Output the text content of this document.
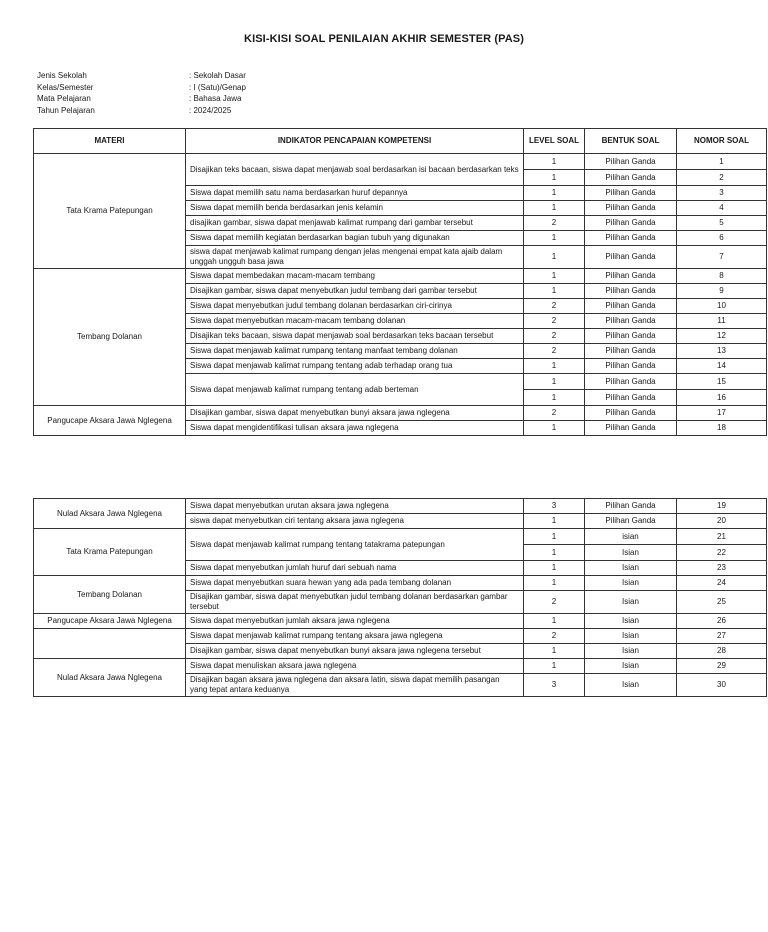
KISI-KISI SOAL PENILAIAN AKHIR SEMESTER (PAS)
Jenis Sekolah	: Sekolah Dasar
Kelas/Semester	: I (Satu)/Genap
Mata Pelajaran	: Bahasa Jawa
Tahun Pelajaran	: 2024/2025
MATERI	INDIKATOR PENCAPAIAN KOMPETENSI	LEVEL SOAL	BENTUK SOAL	NOMOR SOAL
Tata Krama Patepungan	Disajikan teks bacaan, siswa dapat menjawab soal berdasarkan isi bacaan berdasarkan teks	1	Pilihan Ganda	1
		1	Pilihan Ganda	2
	Siswa dapat memilih satu nama berdasarkan huruf depannya	1	Pilihan Ganda	3
	Siswa dapat memilih benda berdasarkan jenis kelamin	1	Pilihan Ganda	4
	disajikan gambar, siswa dapat menjawab kalimat rumpang dari gambar tersebut	2	Pilihan Ganda	5
	Siswa dapat memilih kegiatan berdasarkan bagian tubuh yang digunakan	1	Pilihan Ganda	6
	siswa dapat menjawab kalimat rumpang dengan jelas mengenai empat kata ajaib dalam unggah ungguh basa jawa	1	Pilihan Ganda	7
Tembang Dolanan	Siswa dapat membedakan macam-macam tembang	1	Pilihan Ganda	8
	Disajikan gambar, siswa dapat menyebutkan judul tembang dari gambar tersebut	1	Pilihan Ganda	9
	Siswa dapat menyebutkan judul tembang dolanan berdasarkan ciri-cirinya	2	Pilihan Ganda	10
	Siswa dapat menyebutkan macam-macam tembang dolanan	2	Pilihan Ganda	11
	Disajikan teks bacaan, siswa dapat menjawab soal berdasarkan teks bacaan tersebut	2	Pilihan Ganda	12
	Siswa dapat menjawab kalimat rumpang tentang manfaat tembang dolanan	2	Pilihan Ganda	13
	Siswa dapat menjawab kalimat rumpang tentang adab terhadap orang tua	1	Pilihan Ganda	14
	Siswa dapat menjawab kalimat rumpang tentang adab berteman	1	Pilihan Ganda	15
		1	Pilihan Ganda	16
Pangucape Aksara Jawa Nglegena	Disajikan gambar, siswa dapat menyebutkan bunyi aksara jawa nglegena	2	Pilihan Ganda	17
	Siswa dapat mengidentifikasi tulisan aksara jawa nglegena	1	Pilihan Ganda	18
Nulad Aksara Jawa Nglegena	Siswa dapat menyebutkan urutan aksara jawa nglegena	3	Pilihan Ganda	19
	siswa dapat menyebutkan ciri tentang aksara jawa nglegena	1	Pilihan Ganda	20
Tata Krama Patepungan	Siswa dapat menjawab kalimat rumpang tentang tatakrama patepungan	1	isian	21
		1	Isian	22
	Siswa dapat menyebutkan jumlah huruf dari sebuah nama	1	Isian	23
Tembang Dolanan	Siswa dapat menyebutkan suara hewan yang ada pada tembang dolanan	1	Isian	24
	Disajikan gambar, siswa dapat menyebutkan judul tembang dolanan berdasarkan gambar tersebut	2	Isian	25
Pangucape Aksara Jawa Nglegena	Siswa dapat menyebutkan jumlah aksara jawa nglegena	1	Isian	26
	Siswa dapat menjawab kalimat rumpang tentang aksara jawa nglegena	2	Isian	27
	Disajikan gambar, siswa dapat menyebutkan bunyi aksara jawa nglegena tersebut	1	Isian	28
Nulad Aksara Jawa Nglegena	Siswa dapat menuliskan aksara jawa nglegena	1	Isian	29
	Disajikan bagan aksara jawa nglegena dan aksara latin, siswa dapat memilih pasangan yang tepat antara keduanya	3	Isian	30
